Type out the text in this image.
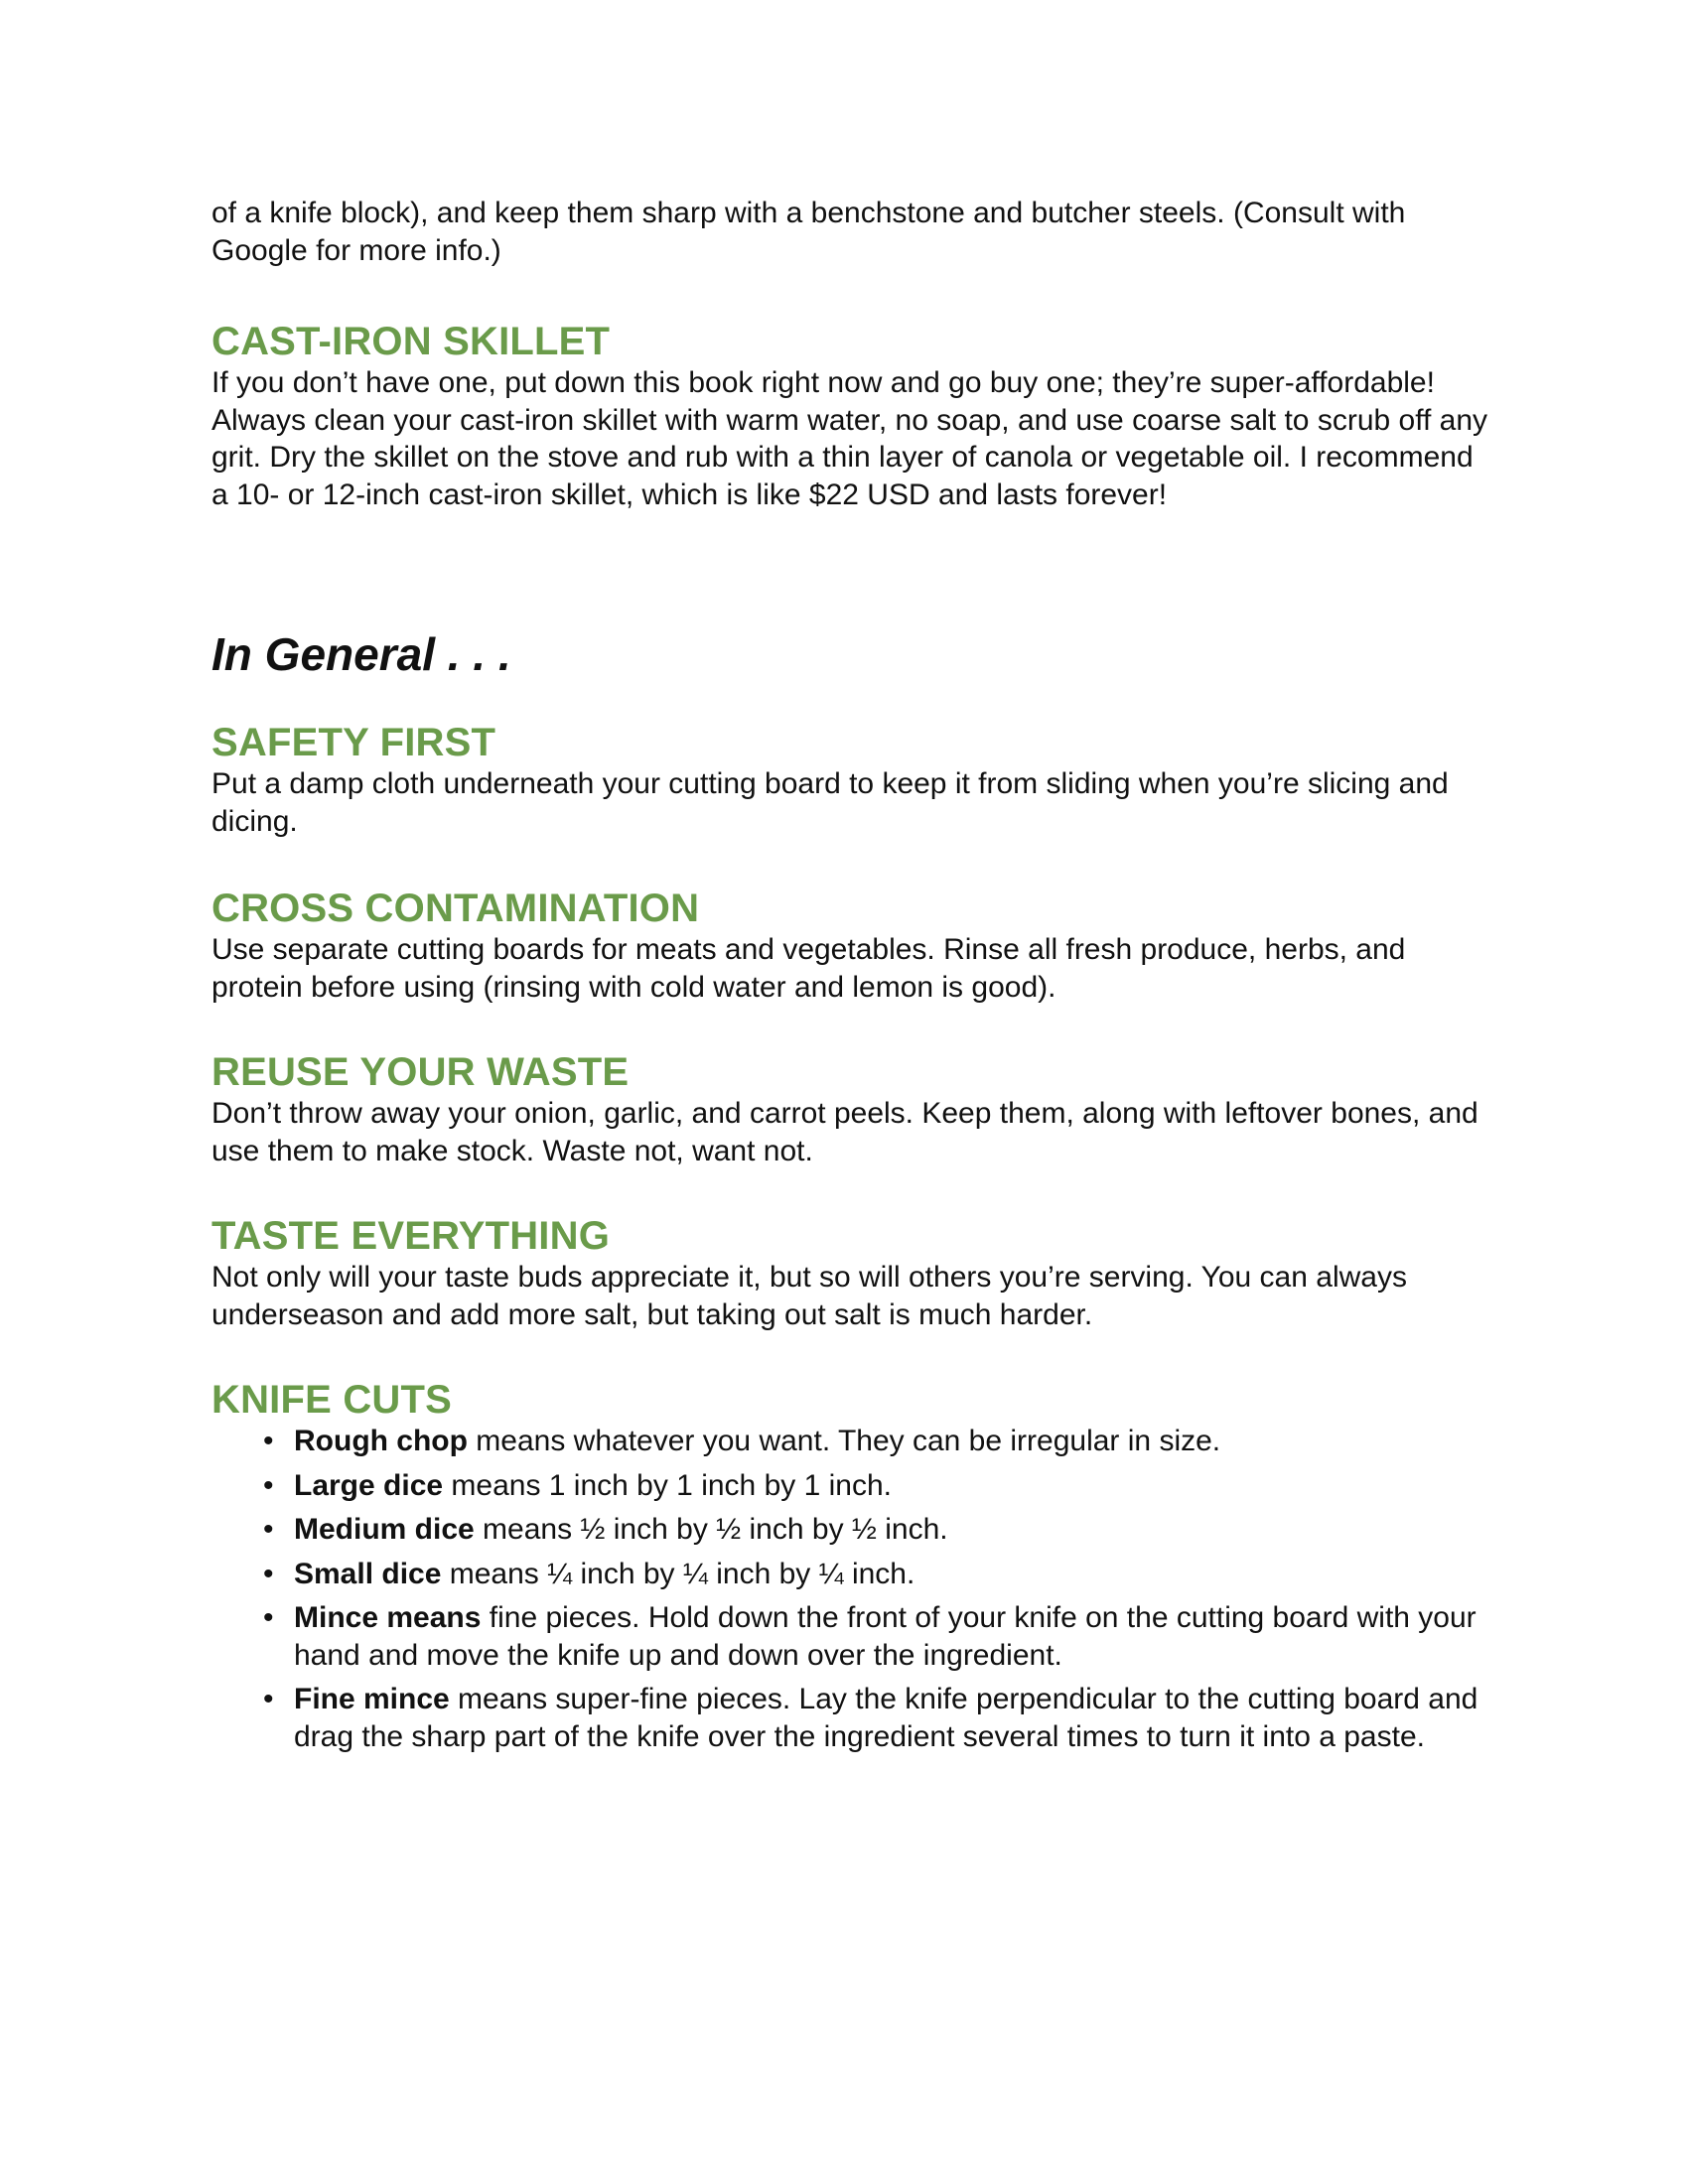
of a knife block), and keep them sharp with a benchstone and butcher steels. (Consult with Google for more info.)

CAST-IRON SKILLET

If you don’t have one, put down this book right now and go buy one; they’re super-affordable! Always clean your cast-iron skillet with warm water, no soap, and use coarse salt to scrub off any grit. Dry the skillet on the stove and rub with a thin layer of canola or vegetable oil. I recommend a 10- or 12-inch cast-iron skillet, which is like $22 USD and lasts forever!

In General . . .
SAFETY FIRST

Put a damp cloth underneath your cutting board to keep it from sliding when you’re slicing and dicing.

CROSS CONTAMINATION

Use separate cutting boards for meats and vegetables. Rinse all fresh produce, herbs, and protein before using (rinsing with cold water and lemon is good).

REUSE YOUR WASTE

Don’t throw away your onion, garlic, and carrot peels. Keep them, along with leftover bones, and use them to make stock. Waste not, want not.

TASTE EVERYTHING

Not only will your taste buds appreciate it, but so will others you’re serving. You can always underseason and add more salt, but taking out salt is much harder.

KNIFE CUTS
• Rough chop means whatever you want. They can be irregular in size.
• Large dice means 1 inch by 1 inch by 1 inch.
• Medium dice means ½ inch by ½ inch by ½ inch.
• Small dice means ¼ inch by ¼ inch by ¼ inch.
• Mince means fine pieces. Hold down the front of your knife on the cutting board with your hand and move the knife up and down over the ingredient.
• Fine mince means super-fine pieces. Lay the knife perpendicular to the cutting board and drag the sharp part of the knife over the ingredient several times to turn it into a paste.
